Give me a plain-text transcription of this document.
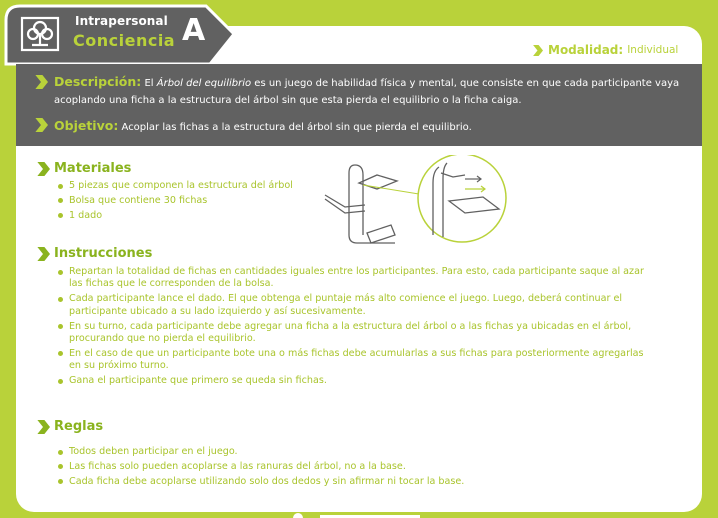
Intrapersonal
Conciencia A
Modalidad: Individual
Descripción: El Árbol del equilibrio es un juego de habilidad física y mental, que consiste en que cada participante vaya
acoplando una ficha a la estructura del árbol sin que esta pierda el equilibrio o la ficha caiga.
Objetivo: Acoplar las fichas a la estructura del árbol sin que pierda el equilibrio.
Materiales
5 piezas que componen la estructura del árbol
Bolsa que contiene 30 fichas
1 dado
Instrucciones
Repartan la totalidad de fichas en cantidades iguales entre los participantes. Para esto, cada participante saque al azar
las fichas que le corresponden de la bolsa.
Cada participante lance el dado. El que obtenga el puntaje más alto comience el juego. Luego, deberá continuar el
participante ubicado a su lado izquierdo y así sucesivamente.
En su turno, cada participante debe agregar una ficha a la estructura del árbol o a las fichas ya ubicadas en el árbol,
procurando que no pierda el equilibrio.
En el caso de que un participante bote una o más fichas debe acumularlas a sus fichas para posteriormente agregarlas
en su próximo turno.
Gana el participante que primero se queda sin fichas.
Reglas
Todos deben participar en el juego.
Las fichas solo pueden acoplarse a las ranuras del árbol, no a la base.
Cada ficha debe acoplarse utilizando solo dos dedos y sin afirmar ni tocar la base.
